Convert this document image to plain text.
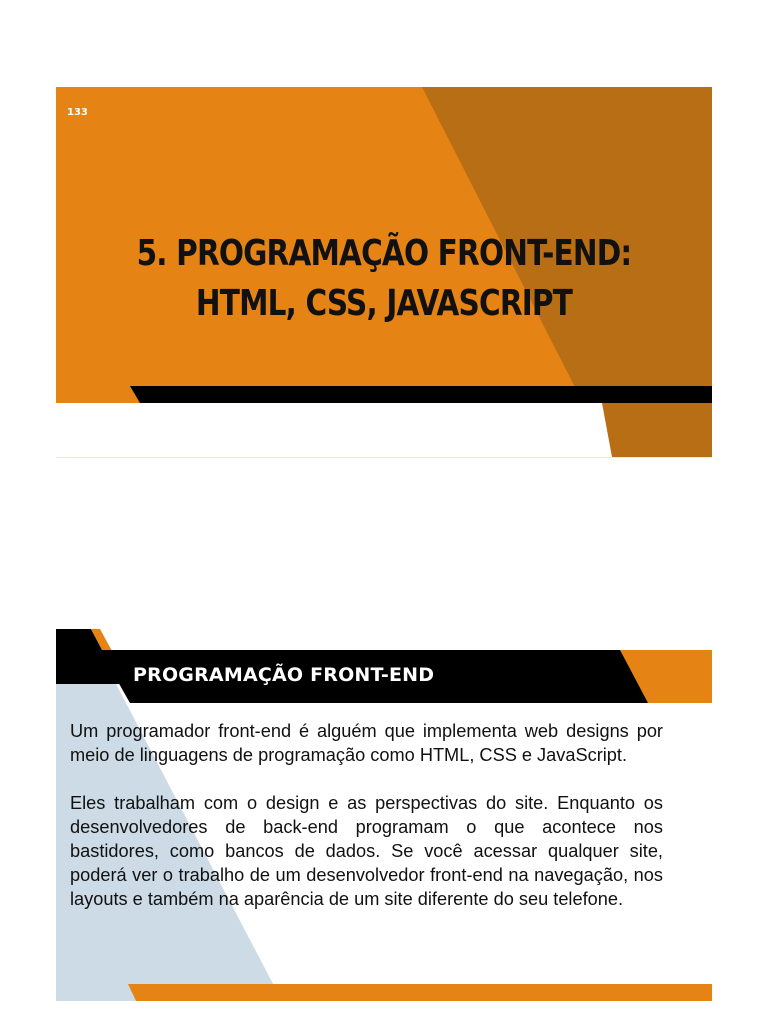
133
5. PROGRAMAÇÃO FRONT-END:
HTML, CSS, JAVASCRIPT
PROGRAMAÇÃO FRONT-END

Um programador front-end é alguém que implementa web designs por meio de linguagens de programação como HTML, CSS e JavaScript.

Eles trabalham com o design e as perspectivas do site. Enquanto os desenvolvedores de back-end programam o que acontece nos bastidores, como bancos de dados. Se você acessar qualquer site, poderá ver o trabalho de um desenvolvedor front-end na navegação, nos layouts e também na aparência de um site diferente do seu telefone.
